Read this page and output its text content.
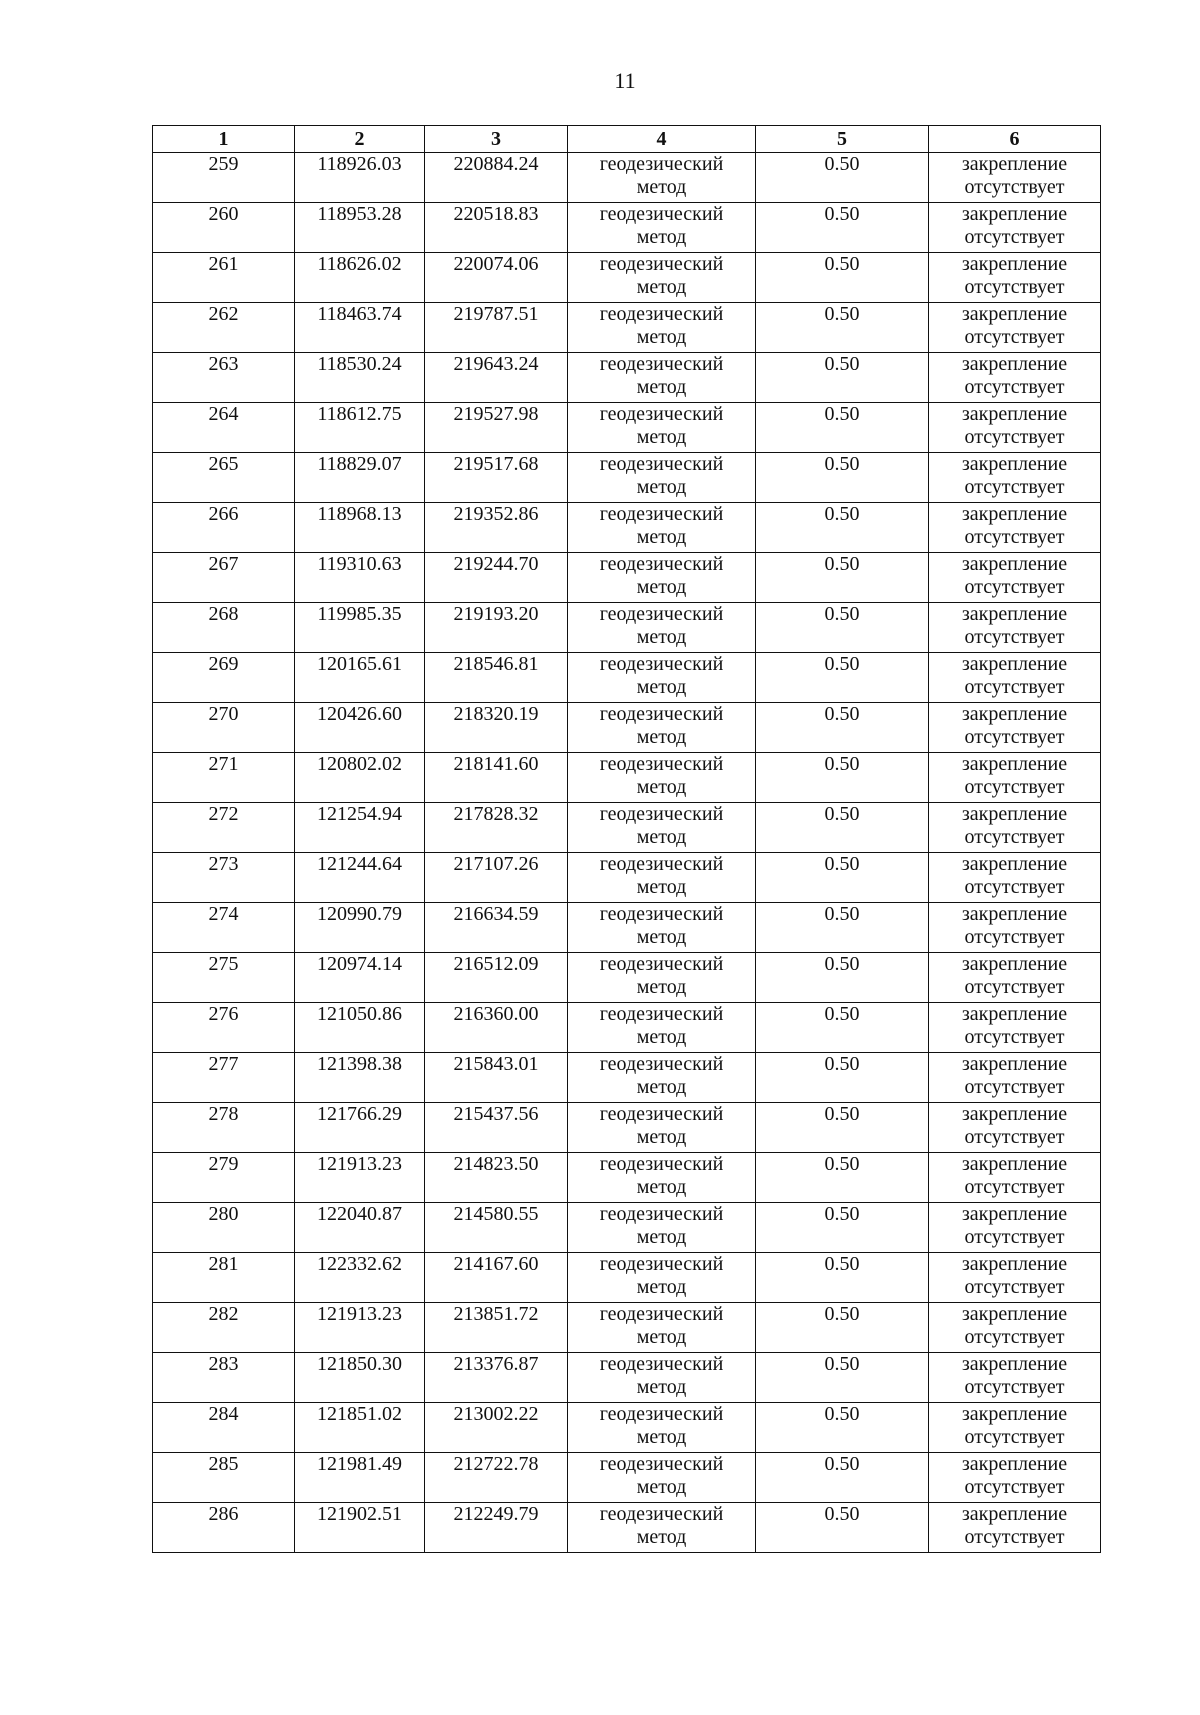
11
1	2	3	4	5	6
259	118926.03	220884.24	геодезический
метод	0.50	закрепление
отсутствует

260	118953.28	220518.83	геодезический
метод	0.50	закрепление
отсутствует

261	118626.02	220074.06	геодезический
метод	0.50	закрепление
отсутствует

262	118463.74	219787.51	геодезический
метод	0.50	закрепление
отсутствует

263	118530.24	219643.24	геодезический
метод	0.50	закрепление
отсутствует

264	118612.75	219527.98	геодезический
метод	0.50	закрепление
отсутствует

265	118829.07	219517.68	геодезический
метод	0.50	закрепление
отсутствует

266	118968.13	219352.86	геодезический
метод	0.50	закрепление
отсутствует

267	119310.63	219244.70	геодезический
метод	0.50	закрепление
отсутствует

268	119985.35	219193.20	геодезический
метод	0.50	закрепление
отсутствует

269	120165.61	218546.81	геодезический
метод	0.50	закрепление
отсутствует

270	120426.60	218320.19	геодезический
метод	0.50	закрепление
отсутствует

271	120802.02	218141.60	геодезический
метод	0.50	закрепление
отсутствует

272	121254.94	217828.32	геодезический
метод	0.50	закрепление
отсутствует

273	121244.64	217107.26	геодезический
метод	0.50	закрепление
отсутствует

274	120990.79	216634.59	геодезический
метод	0.50	закрепление
отсутствует

275	120974.14	216512.09	геодезический
метод	0.50	закрепление
отсутствует

276	121050.86	216360.00	геодезический
метод	0.50	закрепление
отсутствует

277	121398.38	215843.01	геодезический
метод	0.50	закрепление
отсутствует

278	121766.29	215437.56	геодезический
метод	0.50	закрепление
отсутствует

279	121913.23	214823.50	геодезический
метод	0.50	закрепление
отсутствует

280	122040.87	214580.55	геодезический
метод	0.50	закрепление
отсутствует

281	122332.62	214167.60	геодезический
метод	0.50	закрепление
отсутствует

282	121913.23	213851.72	геодезический
метод	0.50	закрепление
отсутствует

283	121850.30	213376.87	геодезический
метод	0.50	закрепление
отсутствует

284	121851.02	213002.22	геодезический
метод	0.50	закрепление
отсутствует

285	121981.49	212722.78	геодезический
метод	0.50	закрепление
отсутствует

286	121902.51	212249.79	геодезический
метод	0.50	закрепление
отсутствует
